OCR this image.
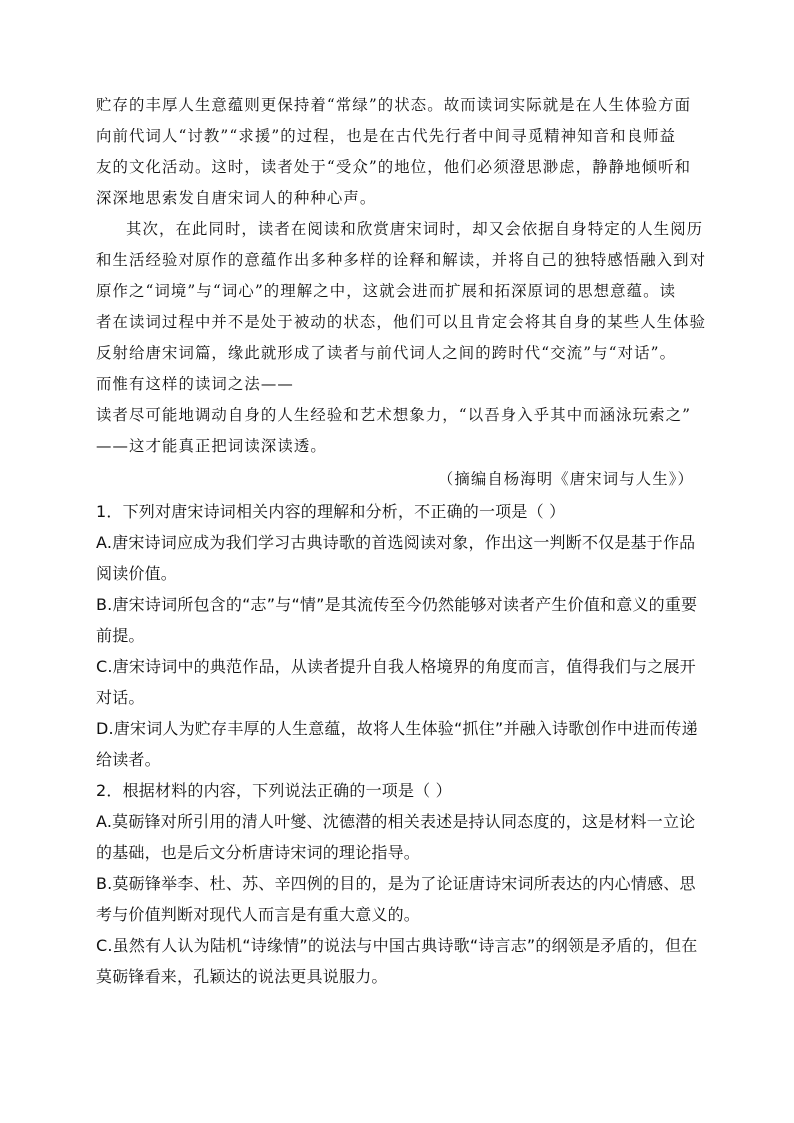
贮存的丰厚人生意蕴则更保持着“常绿”的状态。故而读词实际就是在人生体验方面
向前代词人“讨教”“求援”的过程，也是在古代先行者中间寻觅精神知音和良师益
友的文化活动。这时，读者处于“受众”的地位，他们必须澄思渺虑，静静地倾听和
深深地思索发自唐宋词人的种种心声。
其次，在此同时，读者在阅读和欣赏唐宋词时，却又会依据自身特定的人生阅历
和生活经验对原作的意蕴作出多种多样的诠释和解读，并将自己的独特感悟融入到对
原作之“词境”与“词心”的理解之中，这就会进而扩展和拓深原词的思想意蕴。读
者在读词过程中并不是处于被动的状态，他们可以且肯定会将其自身的某些人生体验
反射给唐宋词篇，缘此就形成了读者与前代词人之间的跨时代“交流”与“对话”。
而惟有这样的读词之法——
读者尽可能地调动自身的人生经验和艺术想象力，“以吾身入乎其中而涵泳玩索之”
——这才能真正把词读深读透。
（摘编自杨海明《唐宋词与人生》）
1．下列对唐宋诗词相关内容的理解和分析，不正确的一项是（ ）
A.唐宋诗词应成为我们学习古典诗歌的首选阅读对象，作出这一判断不仅是基于作品
阅读价值。
B.唐宋诗词所包含的“志”与“情”是其流传至今仍然能够对读者产生价值和意义的重要
前提。
C.唐宋诗词中的典范作品，从读者提升自我人格境界的角度而言，值得我们与之展开
对话。
D.唐宋词人为贮存丰厚的人生意蕴，故将人生体验“抓住”并融入诗歌创作中进而传递
给读者。
2．根据材料的内容，下列说法正确的一项是（ ）
A.莫砺锋对所引用的清人叶燮、沈德潜的相关表述是持认同态度的，这是材料一立论
的基础，也是后文分析唐诗宋词的理论指导。
B.莫砺锋举李、杜、苏、辛四例的目的，是为了论证唐诗宋词所表达的内心情感、思
考与价值判断对现代人而言是有重大意义的。
C.虽然有人认为陆机“诗缘情”的说法与中国古典诗歌“诗言志”的纲领是矛盾的，但在
莫砺锋看来，孔颖达的说法更具说服力。
